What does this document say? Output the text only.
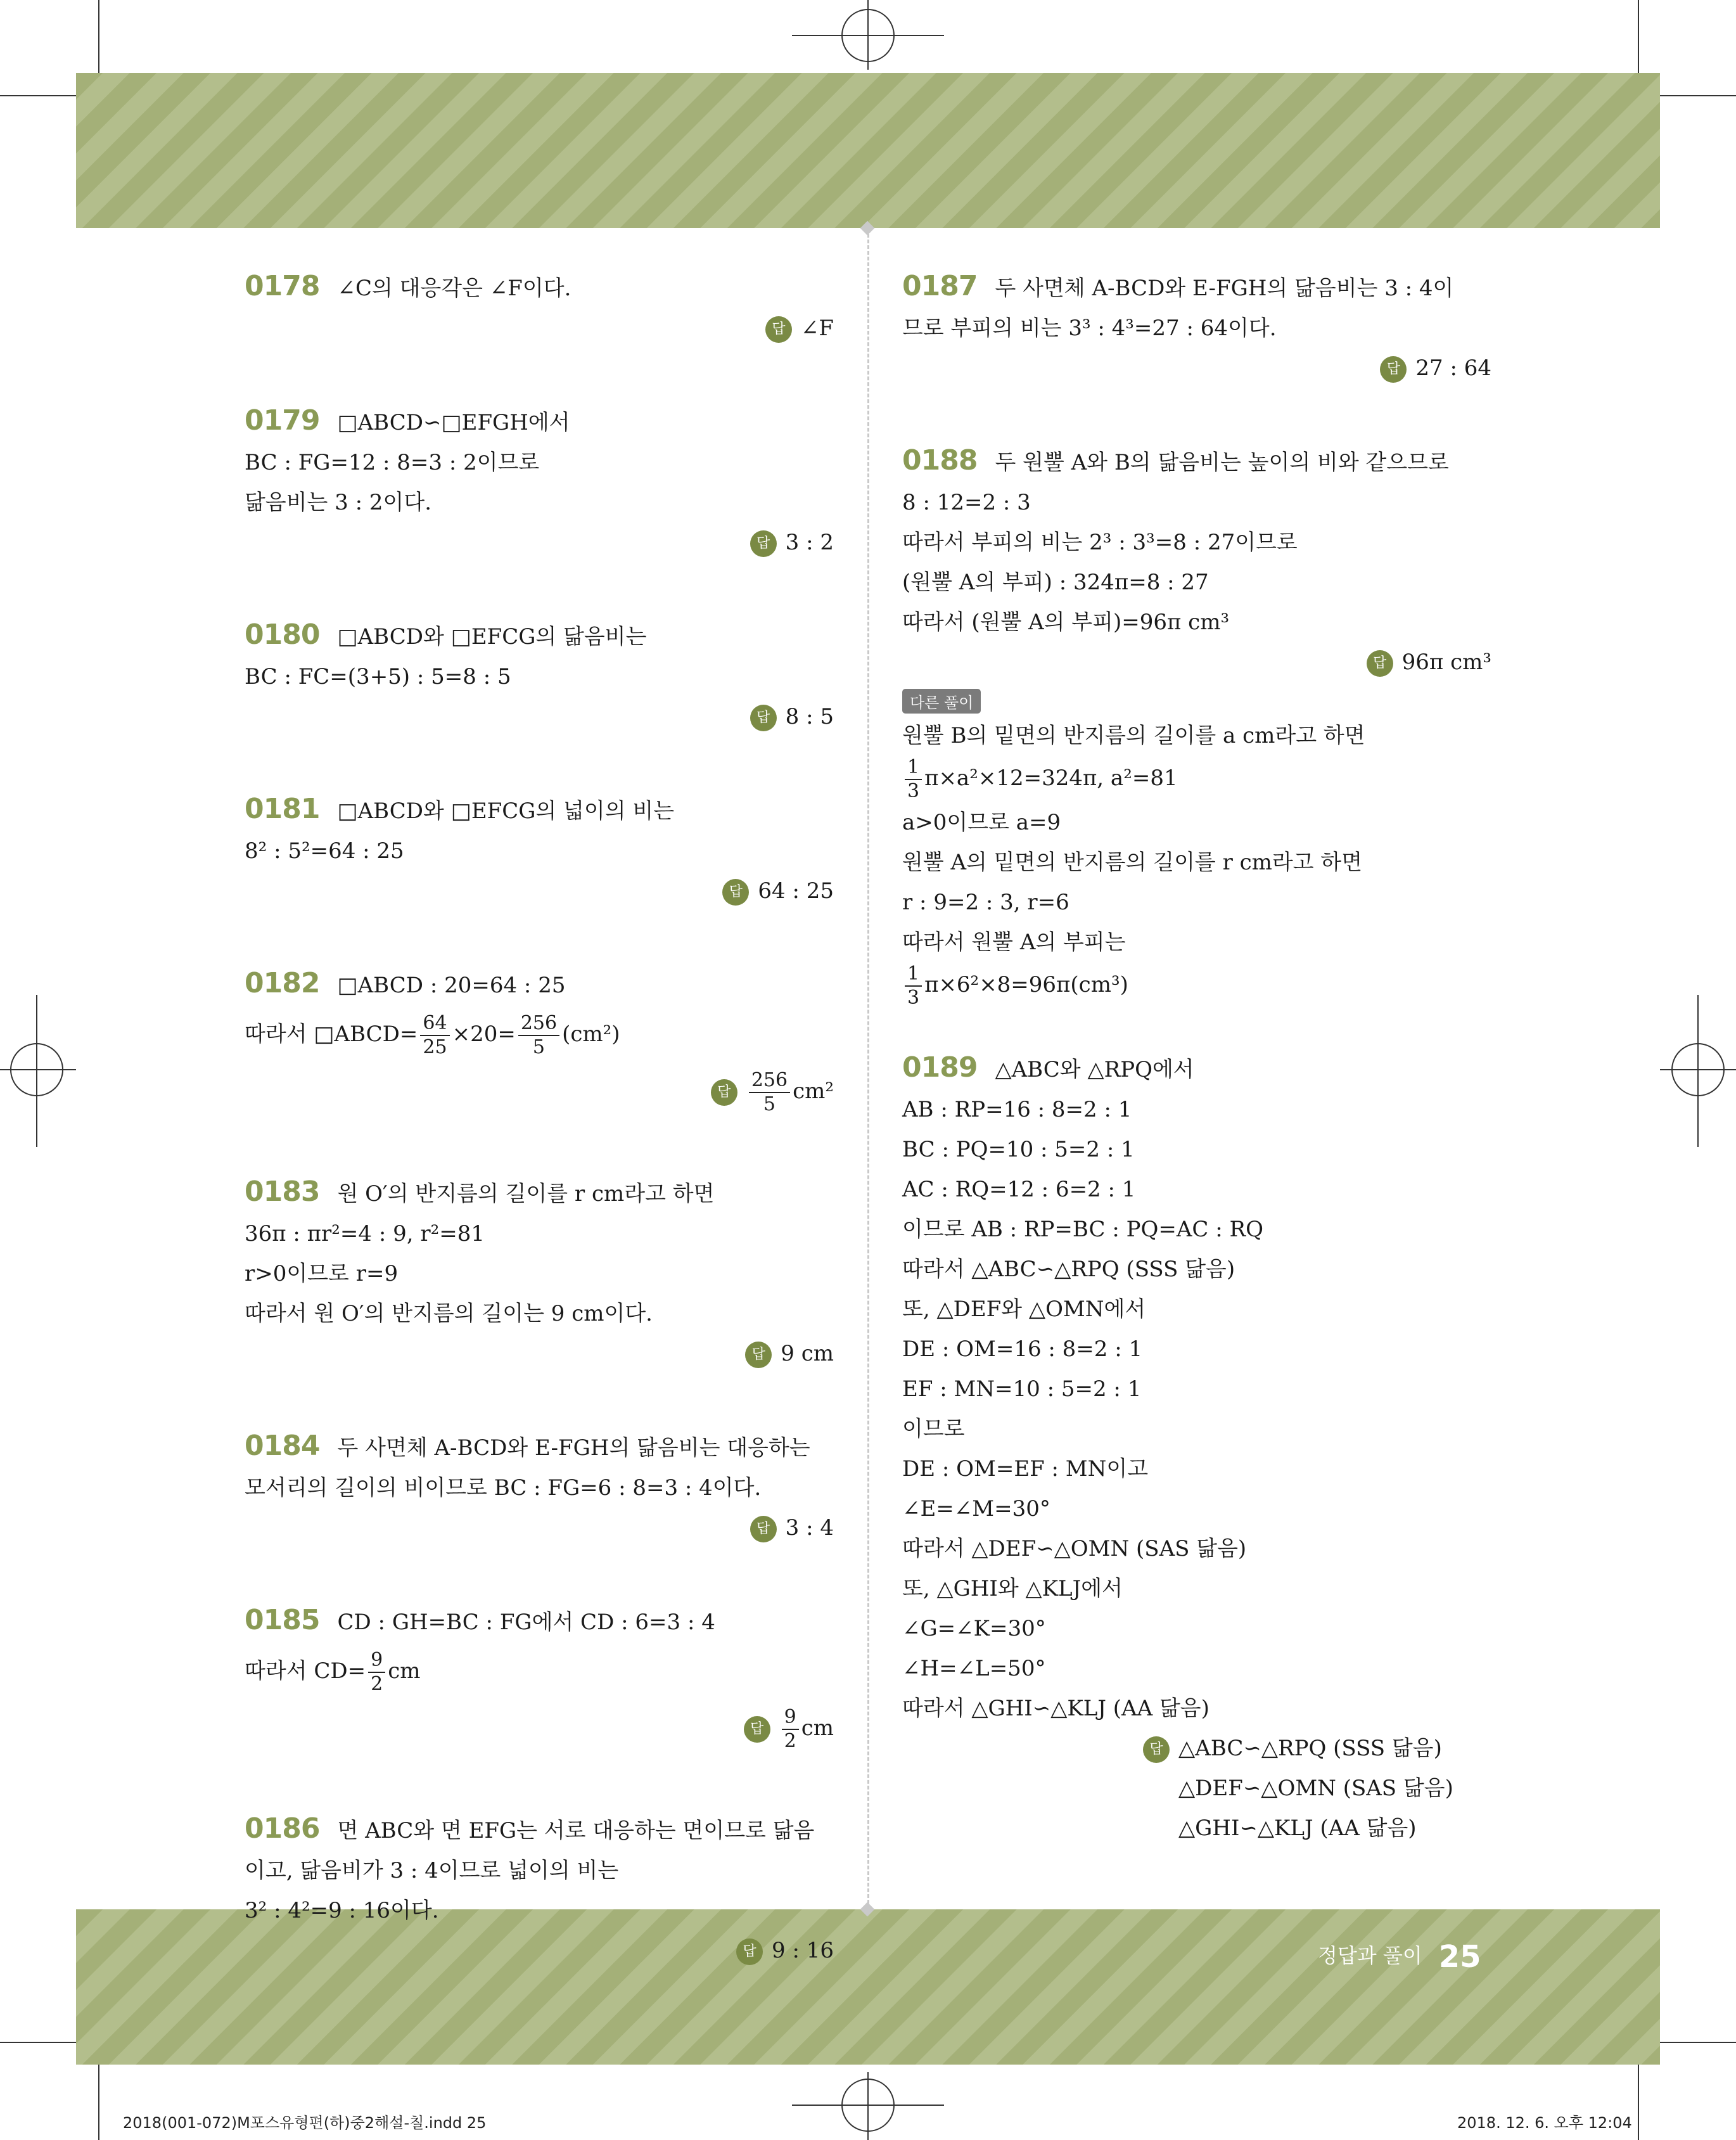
0178 ∠C의 대응각은 ∠F이다.
답 ∠F
0179 □ABCD∽□EFGH에서
BC : FG=12 : 8=3 : 2이므로
닮음비는 3 : 2이다.
답 3 : 2
0180 □ABCD와 □EFCG의 닮음비는
BC : FC=(3+5) : 5=8 : 5
답 8 : 5
0181 □ABCD와 □EFCG의 넓이의 비는
8² : 5²=64 : 25
답 64 : 25
0182 □ABCD : 20=64 : 25
따라서 □ABCD= $\frac{64}{25} \times 20= \frac{256}{5} (cm^2)$
답 $\frac{256}{5} cm^2$
0183 원 O′의 반지름의 길이를 r cm라고 하면
36π : πr²=4 : 9, r²=81
r>0이므로 r=9
따라서 원 O′의 반지름의 길이는 9 cm이다.
답 9 cm
0184 두 사면체 A-BCD와 E-FGH의 닮음비는 대응하는
모서리의 길이의 비이므로 BC : FG=6 : 8=3 : 4이다.
답 3 : 4
0185 CD : GH=BC : FG에서 CD : 6=3 : 4
따라서 $CD= \frac{9}{2}$ cm
답 $\frac{9}{2}$ cm
0186 면 ABC와 면 EFG는 서로 대응하는 면이므로 닮음
이고, 닮음비가 3 : 4이므로 넓이의 비는
3² : 4²=9 : 16이다.
답 9 : 16
0187 두 사면체 A-BCD와 E-FGH의 닮음비는 3 : 4이
므로 부피의 비는 3³ : 4³=27 : 64이다.
답 27 : 64
0188 두 원뿔 A와 B의 닮음비는 높이의 비와 같으므로
8 : 12=2 : 3
따라서 부피의 비는 2³ : 3³=8 : 27이므로
(원뿔 A의 부피) : 324π=8 : 27
따라서 (원뿔 A의 부피)=96π cm³
답 96π cm³
다른 풀이
원뿔 B의 밑면의 반지름의 길이를 a cm라고 하면
$\frac{1}{3} \pi\times a^2\times 12=324\pi$, a²=81
a>0이므로 a=9
원뿔 A의 밑면의 반지름의 길이를 r cm라고 하면
r : 9=2 : 3, r=6
따라서 원뿔 A의 부피는
$\frac{1}{3} \pi\times 6^2\times 8=96\pi(cm^3)$
0189 △ABC와 △RPQ에서
AB : RP=16 : 8=2 : 1
BC : PQ=10 : 5=2 : 1
AC : RQ=12 : 6=2 : 1
이므로 AB : RP=BC : PQ=AC : RQ
따라서 △ABC∽△RPQ (SSS 닮음)
또, △DEF와 △OMN에서
DE : OM=16 : 8=2 : 1
EF : MN=10 : 5=2 : 1
이므로
DE : OM=EF : MN이고
∠E=∠M=30°
따라서 △DEF∽△OMN (SAS 닮음)
또, △GHI와 △KLJ에서
∠G=∠K=30°
∠H=∠L=50°
따라서 △GHI∽△KLJ (AA 닮음)
답 △ABC∽△RPQ (SSS 닮음)
△DEF∽△OMN (SAS 닮음)
△GHI∽△KLJ (AA 닮음)
정답과 풀이 25
2018(001-072)M포스유형편(하)중2해설-칠.indd 25	2018. 12. 6. 오후 12:04
